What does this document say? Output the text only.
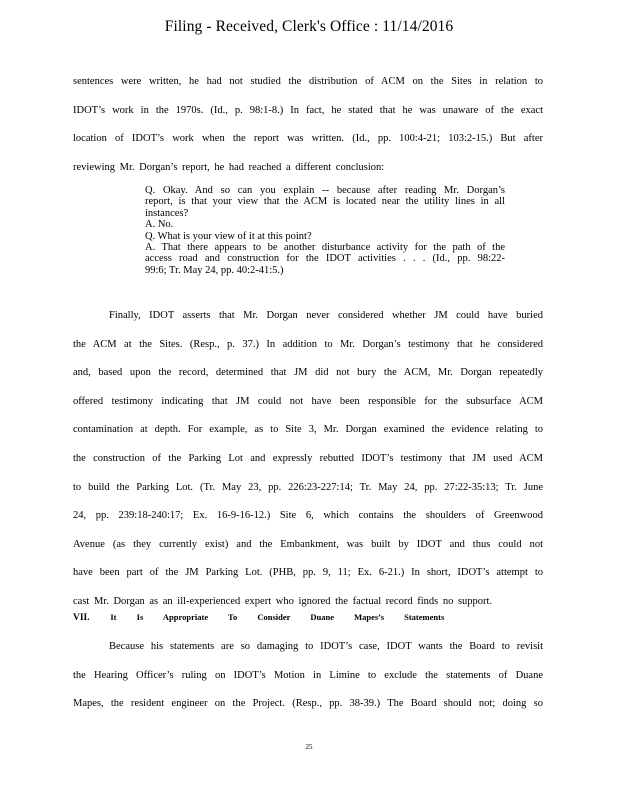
Filing - Received, Clerk's Office : 11/14/2016
sentences were written, he had not studied the distribution of ACM on the Sites in relation to
IDOT’s work in the 1970s. (Id., p. 98:1-8.) In fact, he stated that he was unaware of the exact
location of IDOT’s work when the report was written. (Id., pp. 100:4-21; 103:2-15.) But after
reviewing Mr. Dorgan’s report, he had reached a different conclusion:
Q. Okay. And so can you explain -- because after reading Mr. Dorgan’s
report, is that your view that the ACM is located near the utility lines in all
instances?
A. No.
Q. What is your view of it at this point?
A. That there appears to be another disturbance activity for the path of the
access road and construction for the IDOT activities . . . (Id., pp. 98:22-
99:6; Tr. May 24, pp. 40:2-41:5.)
Finally, IDOT asserts that Mr. Dorgan never considered whether JM could have buried
the ACM at the Sites. (Resp., p. 37.) In addition to Mr. Dorgan’s testimony that he considered
and, based upon the record, determined that JM did not bury the ACM, Mr. Dorgan repeatedly
offered testimony indicating that JM could not have been responsible for the subsurface ACM
contamination at depth. For example, as to Site 3, Mr. Dorgan examined the evidence relating to
the construction of the Parking Lot and expressly rebutted IDOT’s testimony that JM used ACM
to build the Parking Lot. (Tr. May 23, pp. 226:23-227:14; Tr. May 24, pp. 27:22-35:13; Tr. June
24, pp. 239:18-240:17; Ex. 16-9-16-12.) Site 6, which contains the shoulders of Greenwood
Avenue (as they currently exist) and the Embankment, was built by IDOT and thus could not
have been part of the JM Parking Lot. (PHB, pp. 9, 11; Ex. 6-21.) In short, IDOT’s attempt to
cast Mr. Dorgan as an ill-experienced expert who ignored the factual record finds no support.
VII. It Is Appropriate To Consider Duane Mapes’s Statements
Because his statements are so damaging to IDOT’s case, IDOT wants the Board to revisit
the Hearing Officer’s ruling on IDOT’s Motion in Limine to exclude the statements of Duane
Mapes, the resident engineer on the Project. (Resp., pp. 38-39.) The Board should not; doing so
25
